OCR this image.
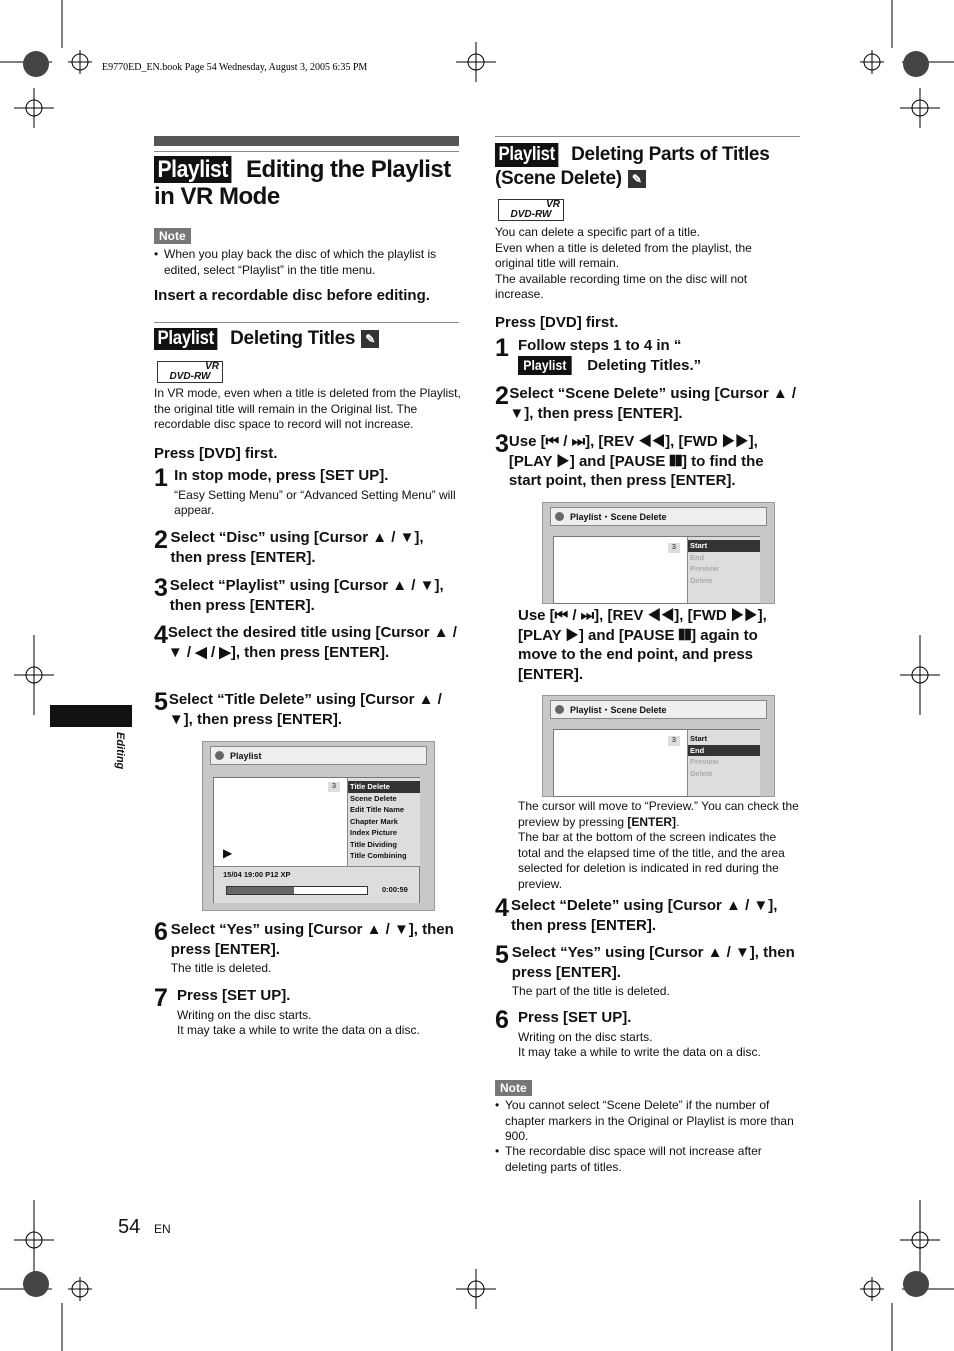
E9770ED_EN.book Page 54 Wednesday, August 3, 2005 6:35 PM
Playlist Editing the Playlist in VR Mode
Note
• When you play back the disc of which the playlist is edited, select “Playlist” in the title menu.
Insert a recordable disc before editing.
Playlist Deleting Titles ✎
VR
DVD-RW
In VR mode, even when a title is deleted from the Playlist, the original title will remain in the Original list. The recordable disc space to record will not increase.
Press [DVD] first.
1 In stop mode, press [SET UP].
“Easy Setting Menu” or “Advanced Setting Menu” will appear.
2 Select “Disc” using [Cursor ▲ / ▼], then press [ENTER].
3 Select “Playlist” using [Cursor ▲ / ▼], then press [ENTER].
4 Select the desired title using [Cursor ▲ / ▼ / ◀ / ▶], then press [ENTER].
5 Select “Title Delete” using [Cursor ▲ / ▼], then press [ENTER].
Playlist
3	Title Delete
Scene Delete
Edit Title Name
Chapter Mark
Index Picture
Title Dividing
Title Combining
▶
15/04 19:00 P12 XP
0:00:59
6 Select “Yes” using [Cursor ▲ / ▼], then press [ENTER].
The title is deleted.
7 Press [SET UP].
Writing on the disc starts.
It may take a while to write the data on a disc.
Editing
Playlist Deleting Parts of Titles (Scene Delete) ✎
VR
DVD-RW
You can delete a specific part of a title.
Even when a title is deleted from the playlist, the original title will remain.
The available recording time on the disc will not increase.
Press [DVD] first.
1 Follow steps 1 to 4 in “Playlist Deleting Titles.”
2 Select “Scene Delete” using [Cursor ▲ / ▼], then press [ENTER].
3 Use [⏮ / ⏭], [REV ◀◀], [FWD ▶▶], [PLAY ▶] and [PAUSE ❚❚] to find the start point, then press [ENTER].
Playlist・Scene Delete
3	Start
End
Preview
Delete
Use [⏮ / ⏭], [REV ◀◀], [FWD ▶▶], [PLAY ▶] and [PAUSE ❚❚] again to move to the end point, and press [ENTER].
Playlist・Scene Delete
3	Start
End
Preview
Delete
The cursor will move to “Preview.” You can check the preview by pressing [ENTER].
The bar at the bottom of the screen indicates the total and the elapsed time of the title, and the area selected for deletion is indicated in red during the preview.
4 Select “Delete” using [Cursor ▲ / ▼], then press [ENTER].
5 Select “Yes” using [Cursor ▲ / ▼], then press [ENTER].
The part of the title is deleted.
6 Press [SET UP].
Writing on the disc starts.
It may take a while to write the data on a disc.
Note
• You cannot select “Scene Delete” if the number of chapter markers in the Original or Playlist is more than 900.
• The recordable disc space will not increase after deleting parts of titles.
54 EN
